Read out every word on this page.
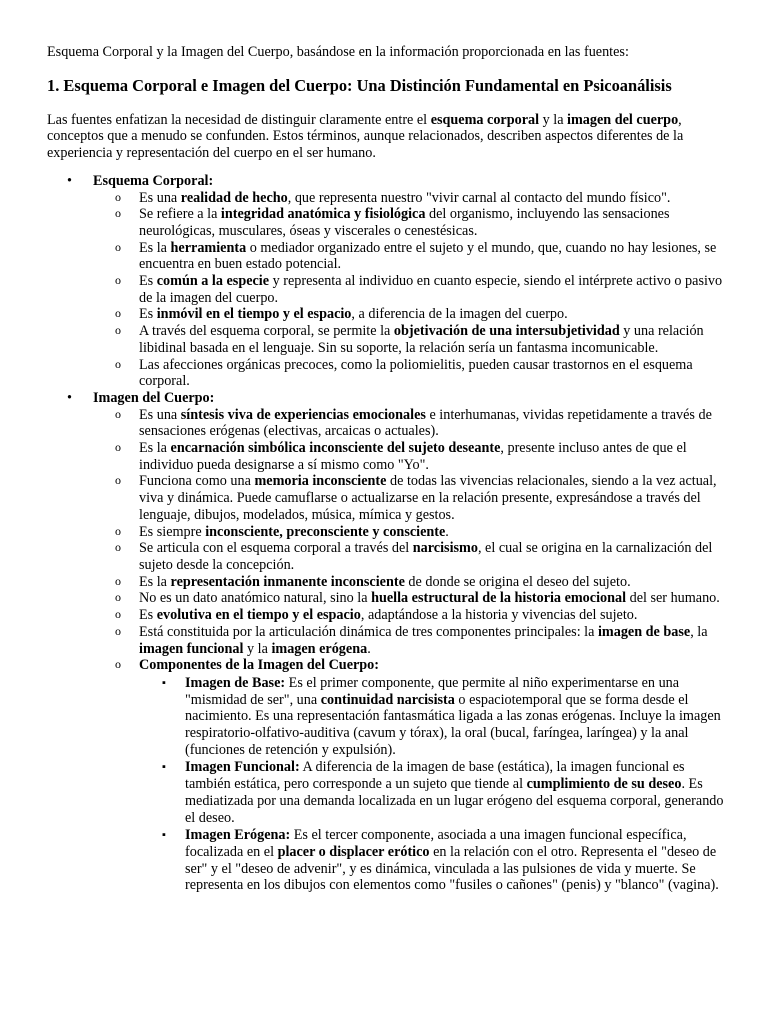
Esquema Corporal y la Imagen del Cuerpo, basándose en la información proporcionada en las fuentes:

1. Esquema Corporal e Imagen del Cuerpo: Una Distinción Fundamental en Psicoanálisis

Las fuentes enfatizan la necesidad de distinguir claramente entre el esquema corporal y la imagen del cuerpo, conceptos que a menudo se confunden. Estos términos, aunque relacionados, describen aspectos diferentes de la experiencia y representación del cuerpo en el ser humano.

• Esquema Corporal:
o Es una realidad de hecho, que representa nuestro "vivir carnal al contacto del mundo físico".
o Se refiere a la integridad anatómica y fisiológica del organismo, incluyendo las sensaciones neurológicas, musculares, óseas y viscerales o cenestésicas.
o Es la herramienta o mediador organizado entre el sujeto y el mundo, que, cuando no hay lesiones, se encuentra en buen estado potencial.
o Es común a la especie y representa al individuo en cuanto especie, siendo el intérprete activo o pasivo de la imagen del cuerpo.
o Es inmóvil en el tiempo y el espacio, a diferencia de la imagen del cuerpo.
o A través del esquema corporal, se permite la objetivación de una intersubjetividad y una relación libidinal basada en el lenguaje. Sin su soporte, la relación sería un fantasma incomunicable.
o Las afecciones orgánicas precoces, como la poliomielitis, pueden causar trastornos en el esquema corporal.
• Imagen del Cuerpo:
o Es una síntesis viva de experiencias emocionales e interhumanas, vividas repetidamente a través de sensaciones erógenas (electivas, arcaicas o actuales).
o Es la encarnación simbólica inconsciente del sujeto deseante, presente incluso antes de que el individuo pueda designarse a sí mismo como "Yo".
o Funciona como una memoria inconsciente de todas las vivencias relacionales, siendo a la vez actual, viva y dinámica. Puede camuflarse o actualizarse en la relación presente, expresándose a través del lenguaje, dibujos, modelados, música, mímica y gestos.
o Es siempre inconsciente, preconsciente y consciente.
o Se articula con el esquema corporal a través del narcisismo, el cual se origina en la carnalización del sujeto desde la concepción.
o Es la representación inmanente inconsciente de donde se origina el deseo del sujeto.
o No es un dato anatómico natural, sino la huella estructural de la historia emocional del ser humano.
o Es evolutiva en el tiempo y el espacio, adaptándose a la historia y vivencias del sujeto.
o Está constituida por la articulación dinámica de tres componentes principales: la imagen de base, la imagen funcional y la imagen erógena.
o Componentes de la Imagen del Cuerpo:
▪ Imagen de Base: Es el primer componente, que permite al niño experimentarse en una "mismidad de ser", una continuidad narcisista o espaciotemporal que se forma desde el nacimiento. Es una representación fantasmática ligada a las zonas erógenas. Incluye la imagen respiratorio-olfativo-auditiva (cavum y tórax), la oral (bucal, faríngea, laríngea) y la anal (funciones de retención y expulsión).
▪ Imagen Funcional: A diferencia de la imagen de base (estática), la imagen funcional es también estática, pero corresponde a un sujeto que tiende al cumplimiento de su deseo. Es mediatizada por una demanda localizada en un lugar erógeno del esquema corporal, generando el deseo.
▪ Imagen Erógena: Es el tercer componente, asociada a una imagen funcional específica, focalizada en el placer o displacer erótico en la relación con el otro. Representa el "deseo de ser" y el "deseo de advenir", y es dinámica, vinculada a las pulsiones de vida y muerte. Se representa en los dibujos con elementos como "fusiles o cañones" (penis) y "blanco" (vagina).
